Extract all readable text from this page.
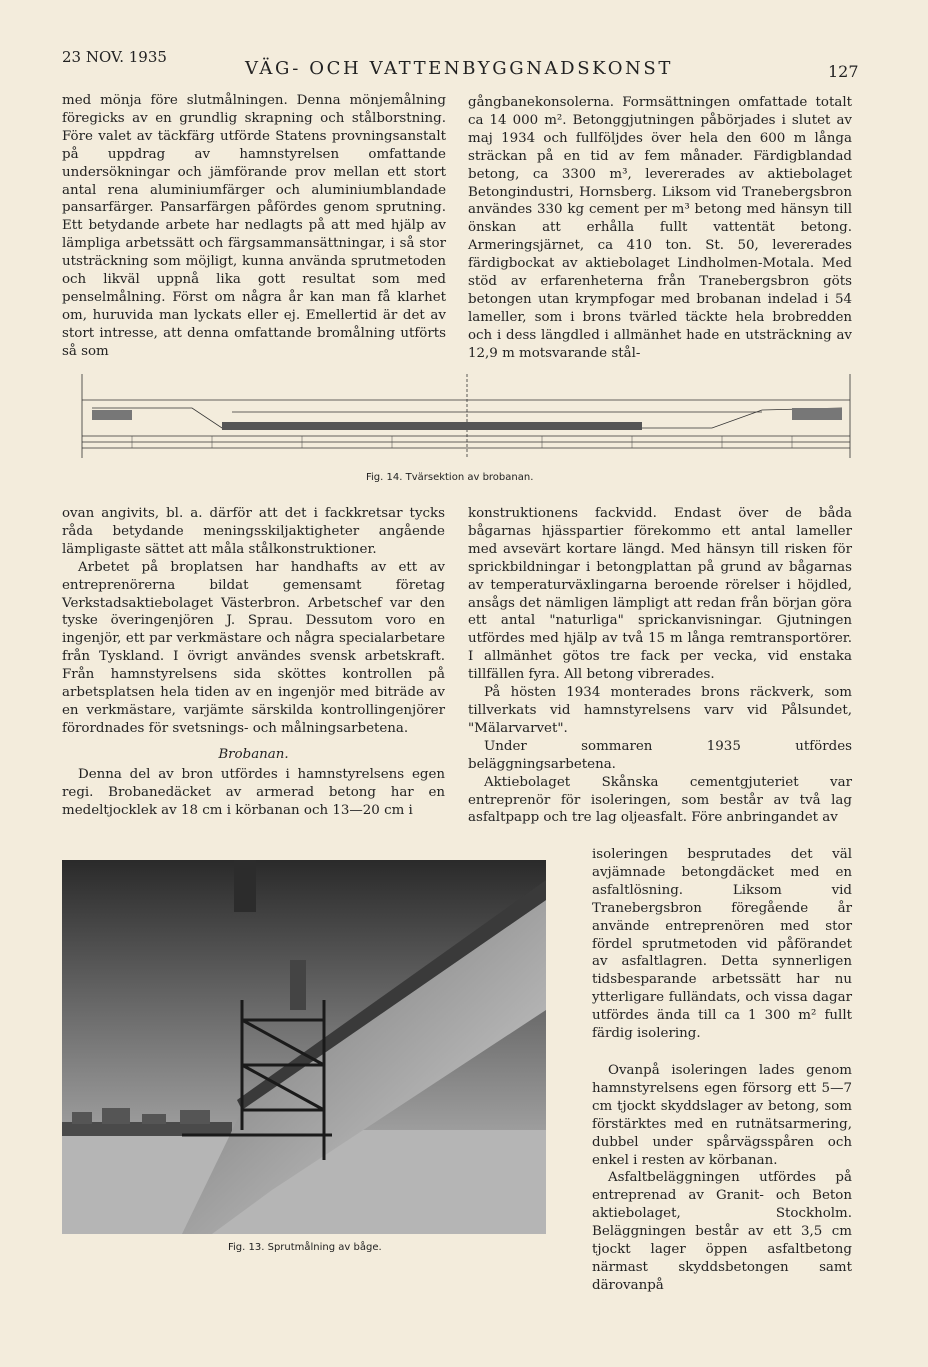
23 NOV. 1935
VÄG- OCH VATTENBYGGNADSKONST	127

med mönja före slutmålningen. Denna mönjemålning föregicks av en grundlig skrapning och stålborstning. Före valet av täckfärg utförde Statens provningsanstalt på uppdrag av hamnstyrelsen omfattande undersökningar och jämförande prov mellan ett stort antal rena aluminiumfärger och aluminiumblandade pansarfärger. Pansarfärgen påfördes genom sprutning. Ett betydande arbete har nedlagts på att med hjälp av lämpliga arbetssätt och färgsammansättningar, i så stor utsträckning som möjligt, kunna använda sprutmetoden och likväl uppnå lika gott resultat som med penselmålning. Först om några år kan man få klarhet om, huruvida man lyckats eller ej. Emellertid är det av stort intresse, att denna omfattande bromålning utförts så som

gångbanekonsolerna. Formsättningen omfattade totalt ca 14 000 m². Betonggjutningen påbörjades i slutet av maj 1934 och fullföljdes över hela den 600 m långa sträckan på en tid av fem månader. Färdigblandad betong, ca 3300 m³, levererades av aktiebolaget Betongindustri, Hornsberg. Liksom vid Tranebergsbron användes 330 kg cement per m³ betong med hänsyn till önskan att erhålla fullt vattentät betong. Armeringsjärnet, ca 410 ton. St. 50, levererades färdigbockat av aktiebolaget Lindholmen-Motala. Med stöd av erfarenheterna från Tranebergsbron göts betongen utan krympfogar med brobanan indelad i 54 lameller, som i brons tvärled täckte hela brobredden och i dess längdled i allmänhet hade en utsträckning av 12,9 m motsvarande stål-

Fig. 14. Tvärsektion av brobanan.

ovan angivits, bl. a. därför att det i fackkretsar tycks råda betydande meningsskiljaktigheter angående lämpligaste sättet att måla stålkonstruktioner.

Arbetet på broplatsen har handhafts av ett av entreprenörerna bildat gemensamt företag Verkstadsaktiebolaget Västerbron. Arbetschef var den tyske överingenjören J. Sprau. Dessutom voro en ingenjör, ett par verkmästare och några specialarbetare från Tyskland. I övrigt användes svensk arbetskraft. Från hamnstyrelsens sida sköttes kontrollen på arbetsplatsen hela tiden av en ingenjör med biträde av en verkmästare, varjämte särskilda kontrollingenjörer förordnades för svetsnings- och målningsarbetena.

Brobanan.

Denna del av bron utfördes i hamnstyrelsens egen regi. Brobanedäcket av armerad betong har en medeltjocklek av 18 cm i körbanan och 13—20 cm i

Fig. 13. Sprutmålning av båge.

konstruktionens fackvidd. Endast över de båda bågarnas hjässpartier förekommo ett antal lameller med avsevärt kortare längd. Med hänsyn till risken för sprickbildningar i betongplattan på grund av bågarnas av temperaturväxlingarna beroende rörelser i höjdled, ansågs det nämligen lämpligt att redan från början göra ett antal "naturliga" sprickanvisningar. Gjutningen utfördes med hjälp av två 15 m långa remtransportörer. I allmänhet götos tre fack per vecka, vid enstaka tillfällen fyra. All betong vibrerades.

På hösten 1934 monterades brons räckverk, som tillverkats vid hamnstyrelsens varv vid Pålsundet, "Mälarvarvet".

Under sommaren 1935 utfördes beläggningsarbetena.

Aktiebolaget Skånska cementgjuteriet var entreprenör för isoleringen, som består av två lag asfaltpapp och tre lag oljeasfalt. Före anbringandet av

isoleringen besprutades det väl avjämnade betongdäcket med en asfaltlösning. Liksom vid Tranebergsbron föregående år använde entreprenören med stor fördel sprutmetoden vid påförandet av asfaltlagren. Detta synnerligen tidsbesparande arbetssätt har nu ytterligare fulländats, och vissa dagar utfördes ända till ca 1 300 m² fullt färdig isolering.

Ovanpå isoleringen lades genom hamnstyrelsens egen försorg ett 5—7 cm tjockt skyddslager av betong, som förstärktes med en rutnätsarmering, dubbel under spårvägsspåren och enkel i resten av körbanan.

Asfaltbeläggningen utfördes på entreprenad av Granit- och Beton aktiebolaget, Stockholm. Beläggningen består av ett 3,5 cm tjockt lager öppen asfaltbetong närmast skyddsbetongen samt därovanpå
